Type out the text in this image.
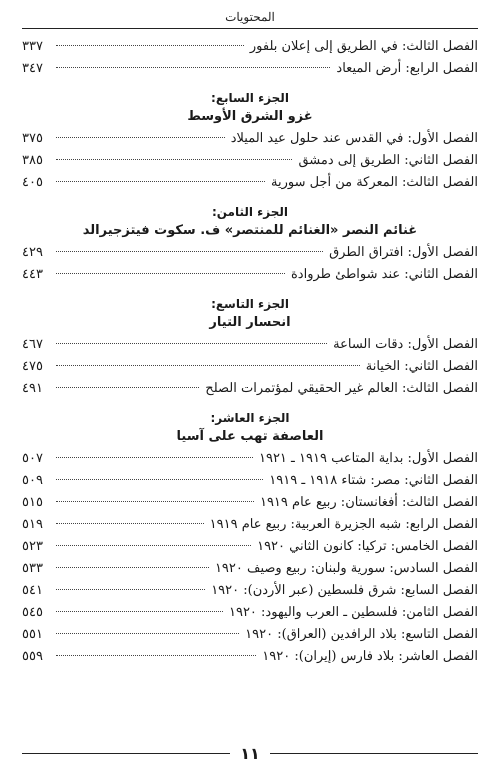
المحتويات
الفصل الثالث: في الطريق إلى إعلان بلفور
٣٣٧
الفصل الرابع: أرض الميعاد
٣٤٧
الجزء السابع:
غزو الشرق الأوسط
الفصل الأول: في القدس عند حلول عيد الميلاد
٣٧٥
الفصل الثاني: الطريق إلى دمشق
٣٨٥
الفصل الثالث: المعركة من أجل سورية
٤٠٥
الجزء الثامن:
غنائم النصر «الغنائم للمنتصر» ف. سكوت فيتزجيرالد
الفصل الأول: افتراق الطرق
٤٢٩
الفصل الثاني: عند شواطئ طروادة
٤٤٣
الجزء التاسع:
انحسار التيار
الفصل الأول: دقات الساعة
٤٦٧
الفصل الثاني: الخيانة
٤٧٥
الفصل الثالث: العالم غير الحقيقي لمؤتمرات الصلح
٤٩١
الجزء العاشر:
العاصفة تهب على آسيا
الفصل الأول: بداية المتاعب ١٩١٩ ـ ١٩٢١
٥٠٧
الفصل الثاني: مصر: شتاء ١٩١٨ ـ ١٩١٩
٥٠٩
الفصل الثالث: أفغانستان: ربيع عام ١٩١٩
٥١٥
الفصل الرابع: شبه الجزيرة العربية: ربيع عام ١٩١٩
٥١٩
الفصل الخامس: تركيا: كانون الثاني ١٩٢٠
٥٢٣
الفصل السادس: سورية ولبنان: ربيع وصيف ١٩٢٠
٥٣٣
الفصل السابع: شرق فلسطين (عبر الأردن): ١٩٢٠
٥٤١
الفصل الثامن: فلسطين ـ العرب واليهود: ١٩٢٠
٥٤٥
الفصل التاسع: بلاد الرافدين (العراق): ١٩٢٠
٥٥١
الفصل العاشر: بلاد فارس (إيران): ١٩٢٠
٥٥٩
١١
